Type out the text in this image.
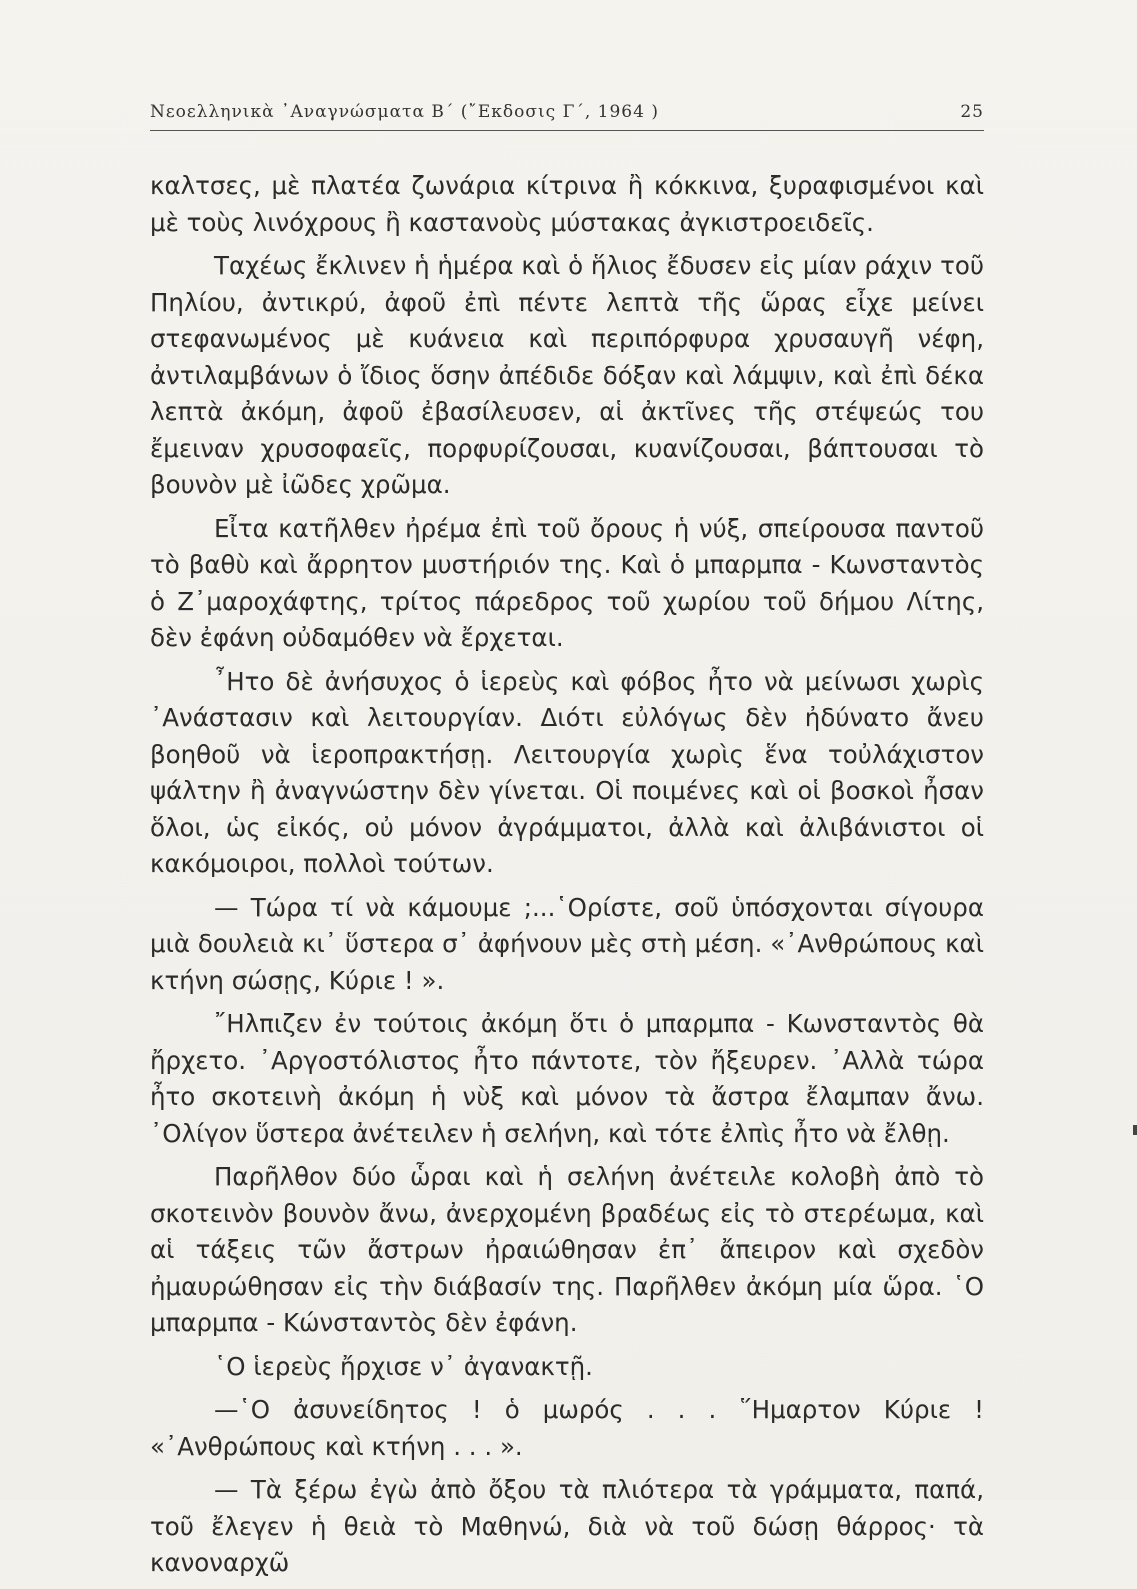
Νεοελληνικὰ ᾿Αναγνώσματα Β΄ (῎Εκδοσις Γ΄, 1964 )	25

καλτσες, μὲ πλατέα ζωνάρια κίτρινα ἢ κόκκινα, ξυραφισμένοι καὶ μὲ τοὺς λινόχρους ἢ καστανοὺς μύστακας ἀγκιστροειδεῖς.

Ταχέως ἔκλινεν ἡ ἡμέρα καὶ ὁ ἥλιος ἔδυσεν εἰς μίαν ράχιν τοῦ Πηλίου, ἀντικρύ, ἀφοῦ ἐπὶ πέντε λεπτὰ τῆς ὥρας εἶχε μείνει στεφανωμένος μὲ κυάνεια καὶ περιπόρφυρα χρυσαυγῆ νέφη, ἀντιλαμβάνων ὁ ἴδιος ὅσην ἀπέδιδε δόξαν καὶ λάμψιν, καὶ ἐπὶ δέκα λεπτὰ ἀκόμη, ἀφοῦ ἐβασίλευσεν, αἱ ἀκτῖνες τῆς στέψεώς του ἔμειναν χρυσοφαεῖς, πορφυρίζουσαι, κυανίζουσαι, βάπτουσαι τὸ βουνὸν μὲ ἰῶδες χρῶμα.

Εἶτα κατῆλθεν ἠρέμα ἐπὶ τοῦ ὄρους ἡ νύξ, σπείρουσα παντοῦ τὸ βαθὺ καὶ ἄρρητον μυστήριόν της. Καὶ ὁ μπαρμπα - Κωνσταντὸς ὁ Ζ᾿μαροχάφτης, τρίτος πάρεδρος τοῦ χωρίου τοῦ δήμου Λίτης, δὲν ἐφάνη οὐδαμόθεν νὰ ἔρχεται.

῏Ητο δὲ ἀνήσυχος ὁ ἱερεὺς καὶ φόβος ἦτο νὰ μείνωσι χωρὶς ᾿Ανάστασιν καὶ λειτουργίαν. Διότι εὐλόγως δὲν ἠδύνατο ἄνευ βοηθοῦ νὰ ἱεροπρακτήσῃ. Λειτουργία χωρὶς ἕνα τοὐλάχιστον ψάλτην ἢ ἀναγνώστην δὲν γίνεται. Οἱ ποιμένες καὶ οἱ βοσκοὶ ἦσαν ὅλοι, ὡς εἰκός, οὐ μόνον ἀγράμματοι, ἀλλὰ καὶ ἀλιβάνιστοι οἱ κακόμοιροι, πολλοὶ τούτων.

— Τώρα τί νὰ κάμουμε ;...῾Ορίστε, σοῦ ὑπόσχονται σίγουρα μιὰ δουλειὰ κι᾿ ὕστερα σ᾿ ἀφήνουν μὲς στὴ μέση. «᾿Ανθρώπους καὶ κτήνη σώσῃς, Κύριε ! ».

῎Ηλπιζεν ἐν τούτοις ἀκόμη ὅτι ὁ μπαρμπα - Κωνσταντὸς θὰ ἤρχετο. ᾿Αργοστόλιστος ἦτο πάντοτε, τὸν ἤξευρεν. ᾿Αλλὰ τώρα ἦτο σκοτεινὴ ἀκόμη ἡ νὺξ καὶ μόνον τὰ ἄστρα ἔλαμπαν ἄνω. ᾿Ολίγον ὕστερα ἀνέτειλεν ἡ σελήνη, καὶ τότε ἐλπὶς ἦτο νὰ ἔλθῃ.

Παρῆλθον δύο ὧραι καὶ ἡ σελήνη ἀνέτειλε κολοβὴ ἀπὸ τὸ σκοτεινὸν βουνὸν ἄνω, ἀνερχομένη βραδέως εἰς τὸ στερέωμα, καὶ αἱ τάξεις τῶν ἄστρων ἠραιώθησαν ἐπ᾿ ἄπειρον καὶ σχεδὸν ἠμαυρώθησαν εἰς τὴν διάβασίν της. Παρῆλθεν ἀκόμη μία ὥρα. ῾Ο μπαρμπα - Κώνσταντὸς δὲν ἐφάνη.

῾Ο ἱερεὺς ἤρχισε ν᾿ ἀγανακτῇ.

—῾Ο ἀσυνείδητος ! ὁ μωρός . . . ῞Ημαρτον Κύριε ! «᾿Ανθρώπους καὶ κτήνη . . . ».

— Τὰ ξέρω ἐγὼ ἀπὸ ὄξου τὰ πλιότερα τὰ γράμματα, παπά, τοῦ ἔλεγεν ἡ θειὰ τὸ Μαθηνώ, διὰ νὰ τοῦ δώσῃ θάρρος· τὰ κανοναρχῶ
